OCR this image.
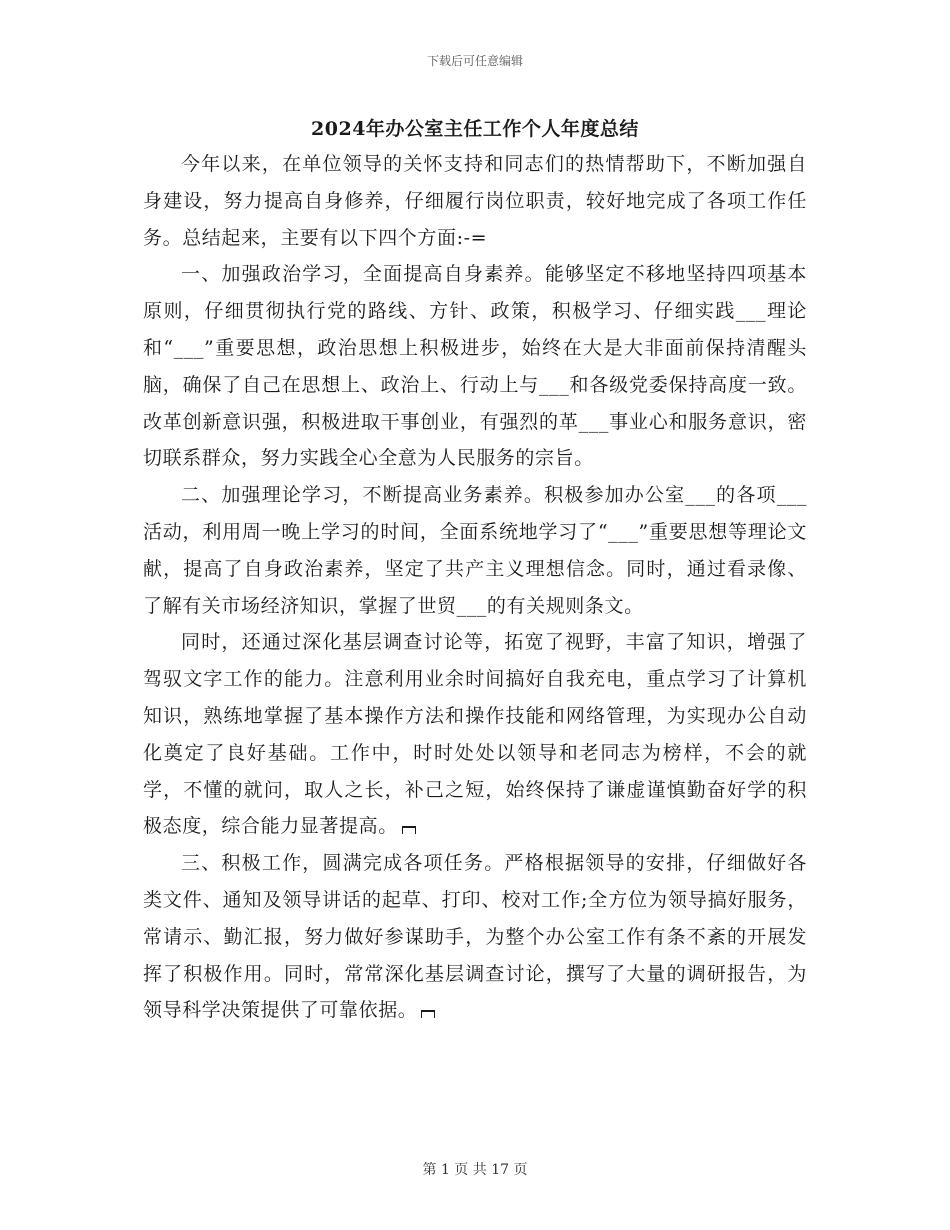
下载后可任意编辑
2024年办公室主任工作个人年度总结

今年以来，在单位领导的关怀支持和同志们的热情帮助下，不断加强自身建设，努力提高自身修养，仔细履行岗位职责，较好地完成了各项工作任务。总结起来，主要有以下四个方面:-=

一、加强政治学习，全面提高自身素养。能够坚定不移地坚持四项基本原则，仔细贯彻执行党的路线、方针、政策，积极学习、仔细实践___理论和“___”重要思想，政治思想上积极进步，始终在大是大非面前保持清醒头脑，确保了自己在思想上、政治上、行动上与___和各级党委保持高度一致。改革创新意识强，积极进取干事创业，有强烈的革___事业心和服务意识，密切联系群众，努力实践全心全意为人民服务的宗旨。

二、加强理论学习，不断提高业务素养。积极参加办公室___的各项___活动，利用周一晚上学习的时间，全面系统地学习了“___”重要思想等理论文献，提高了自身政治素养，坚定了共产主义理想信念。同时，通过看录像、了解有关市场经济知识，掌握了世贸___的有关规则条文。

同时，还通过深化基层调查讨论等，拓宽了视野，丰富了知识，增强了驾驭文字工作的能力。注意利用业余时间搞好自我充电，重点学习了计算机知识，熟练地掌握了基本操作方法和操作技能和网络管理，为实现办公自动化奠定了良好基础。工作中，时时处处以领导和老同志为榜样，不会的就学，不懂的就问，取人之长，补己之短，始终保持了谦虚谨慎勤奋好学的积极态度，综合能力显著提高。

三、积极工作，圆满完成各项任务。严格根据领导的安排，仔细做好各类文件、通知及领导讲话的起草、打印、校对工作;全方位为领导搞好服务，常请示、勤汇报，努力做好参谋助手，为整个办公室工作有条不紊的开展发挥了积极作用。同时，常常深化基层调查讨论，撰写了大量的调研报告，为领导科学决策提供了可靠依据。

第 1 页 共 17 页
